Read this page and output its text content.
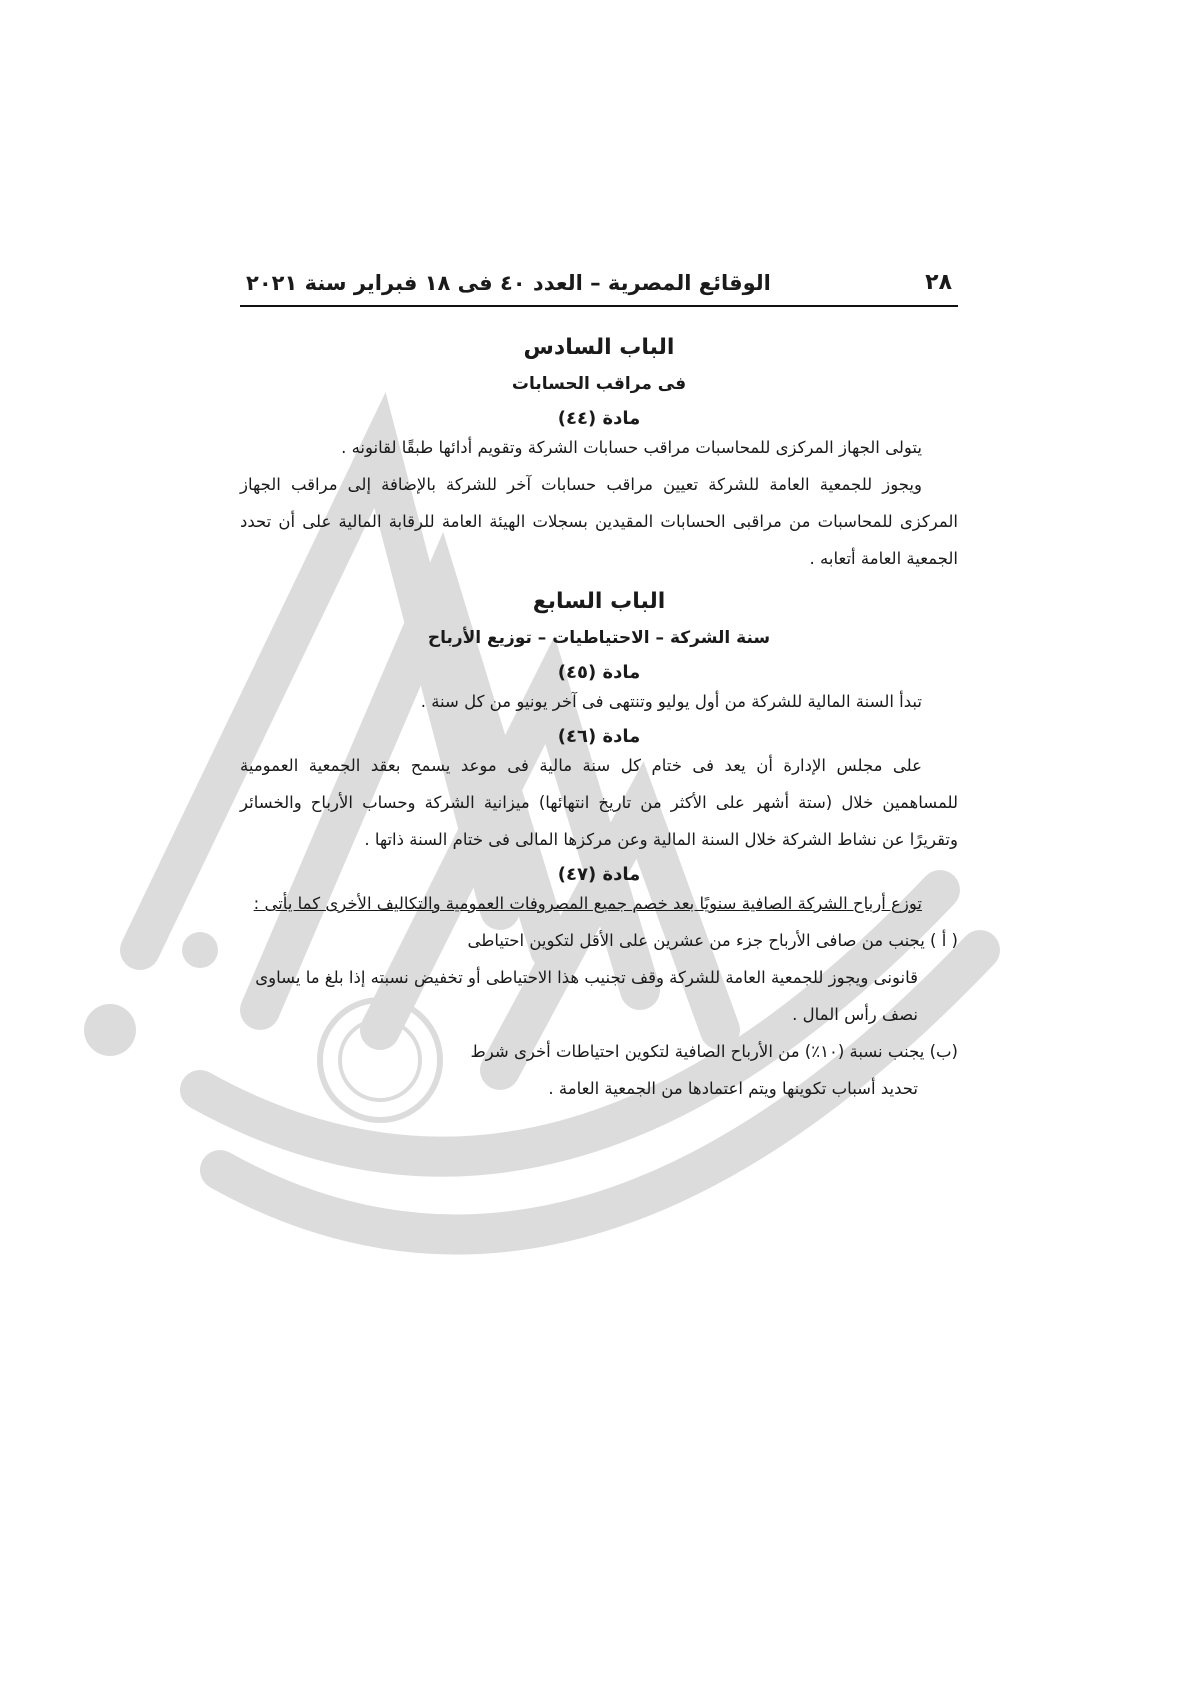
٢٨
الوقائع المصرية – العدد ٤٠ فى ١٨ فبراير سنة ٢٠٢١
الباب السادس
فى مراقب الحسابات
مادة (٤٤)

يتولى الجهاز المركزى للمحاسبات مراقب حسابات الشركة وتقويم أدائها طبقًا لقانونه .

ويجوز للجمعية العامة للشركة تعيين مراقب حسابات آخر للشركة بالإضافة إلى مراقب الجهاز المركزى للمحاسبات من مراقبى الحسابات المقيدين بسجلات الهيئة العامة للرقابة المالية على أن تحدد الجمعية العامة أتعابه .

الباب السابع
سنة الشركة – الاحتياطيات – توزيع الأرباح
مادة (٤٥)

تبدأ السنة المالية للشركة من أول يوليو وتنتهى فى آخر يونيو من كل سنة .

مادة (٤٦)

على مجلس الإدارة أن يعد فى ختام كل سنة مالية فى موعد يسمح بعقد الجمعية العمومية للمساهمين خلال (ستة أشهر على الأكثر من تاريخ انتهائها) ميزانية الشركة وحساب الأرباح والخسائر وتقريرًا عن نشاط الشركة خلال السنة المالية وعن مركزها المالى فى ختام السنة ذاتها .

مادة (٤٧)

توزع أرباح الشركة الصافية سنويًا بعد خصم جميع المصروفات العمومية والتكاليف الأخرى كما يأتى :

( أ ) يجنب من صافى الأرباح جزء من عشرين على الأقل لتكوين احتياطى
قانونى ويجوز للجمعية العامة للشركة وقف تجنيب هذا الاحتياطى أو تخفيض نسبته إذا بلغ ما يساوى نصف رأس المال .

(ب) يجنب نسبة (١٠٪) من الأرباح الصافية لتكوين احتياطات أخرى شرط
تحديد أسباب تكوينها ويتم اعتمادها من الجمعية العامة .
